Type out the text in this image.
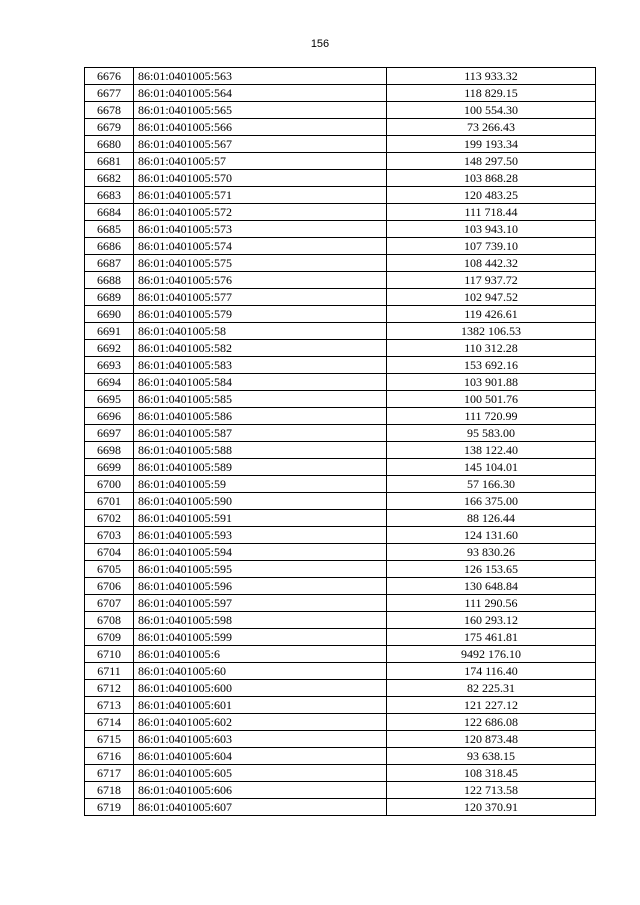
156
6676	86:01:0401005:563	113 933.32
6677	86:01:0401005:564	118 829.15
6678	86:01:0401005:565	100 554.30
6679	86:01:0401005:566	73 266.43
6680	86:01:0401005:567	199 193.34
6681	86:01:0401005:57	148 297.50
6682	86:01:0401005:570	103 868.28
6683	86:01:0401005:571	120 483.25
6684	86:01:0401005:572	111 718.44
6685	86:01:0401005:573	103 943.10
6686	86:01:0401005:574	107 739.10
6687	86:01:0401005:575	108 442.32
6688	86:01:0401005:576	117 937.72
6689	86:01:0401005:577	102 947.52
6690	86:01:0401005:579	119 426.61
6691	86:01:0401005:58	1382 106.53
6692	86:01:0401005:582	110 312.28
6693	86:01:0401005:583	153 692.16
6694	86:01:0401005:584	103 901.88
6695	86:01:0401005:585	100 501.76
6696	86:01:0401005:586	111 720.99
6697	86:01:0401005:587	95 583.00
6698	86:01:0401005:588	138 122.40
6699	86:01:0401005:589	145 104.01
6700	86:01:0401005:59	57 166.30
6701	86:01:0401005:590	166 375.00
6702	86:01:0401005:591	88 126.44
6703	86:01:0401005:593	124 131.60
6704	86:01:0401005:594	93 830.26
6705	86:01:0401005:595	126 153.65
6706	86:01:0401005:596	130 648.84
6707	86:01:0401005:597	111 290.56
6708	86:01:0401005:598	160 293.12
6709	86:01:0401005:599	175 461.81
6710	86:01:0401005:6	9492 176.10
6711	86:01:0401005:60	174 116.40
6712	86:01:0401005:600	82 225.31
6713	86:01:0401005:601	121 227.12
6714	86:01:0401005:602	122 686.08
6715	86:01:0401005:603	120 873.48
6716	86:01:0401005:604	93 638.15
6717	86:01:0401005:605	108 318.45
6718	86:01:0401005:606	122 713.58
6719	86:01:0401005:607	120 370.91
